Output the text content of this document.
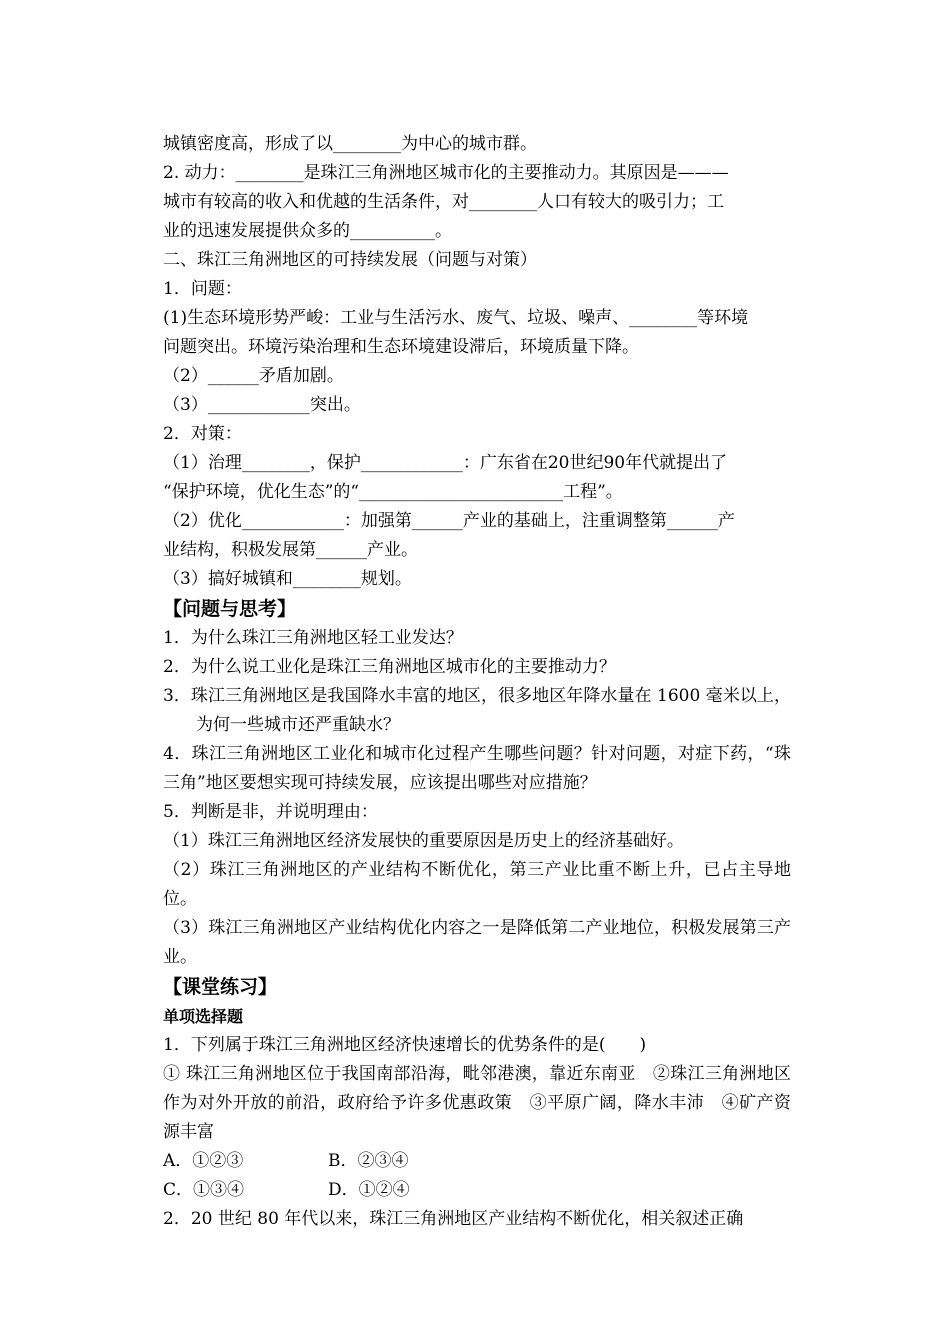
城镇密度高，形成了以________为中心的城市群。
2. 动力：________是珠江三角洲地区城市化的主要推动力。其原因是———
城市有较高的收入和优越的生活条件，对________人口有较大的吸引力；工
业的迅速发展提供众多的__________。
二、珠江三角洲地区的可持续发展（问题与对策）
1．问题：
(1)生态环境形势严峻：工业与生活污水、废气、垃圾、噪声、________等环境
问题突出。环境污染治理和生态环境建设滞后，环境质量下降。
（2）______矛盾加剧。
（3）____________突出。
2．对策：
（1）治理________，保护____________：广东省在20世纪90年代就提出了
“保护环境，优化生态”的“________________________工程”。
（2）优化____________：加强第______产业的基础上，注重调整第______产
业结构，积极发展第______产业。
（3）搞好城镇和________规划。
【问题与思考】
1．为什么珠江三角洲地区轻工业发达？
2．为什么说工业化是珠江三角洲地区城市化的主要推动力？
3．珠江三角洲地区是我国降水丰富的地区，很多地区年降水量在 1600 毫米以上，为何一些城市还严重缺水？
4．珠江三角洲地区工业化和城市化过程产生哪些问题？针对问题，对症下药，“珠三角”地区要想实现可持续发展，应该提出哪些对应措施？
5．判断是非，并说明理由：
（1）珠江三角洲地区经济发展快的重要原因是历史上的经济基础好。
（2）珠江三角洲地区的产业结构不断优化，第三产业比重不断上升，已占主导地位。
（3）珠江三角洲地区产业结构优化内容之一是降低第二产业地位，积极发展第三产业。
【课堂练习】
单项选择题
1．下列属于珠江三角洲地区经济快速增长的优势条件的是(　　)
① 珠江三角洲地区位于我国南部沿海，毗邻港澳，靠近东南亚　②珠江三角洲地区作为对外开放的前沿，政府给予许多优惠政策　③平原广阔，降水丰沛　④矿产资源丰富
A．①②③	B．②③④
C．①③④	D．①②④
2．20 世纪 80 年代以来，珠江三角洲地区产业结构不断优化，相关叙述正确
